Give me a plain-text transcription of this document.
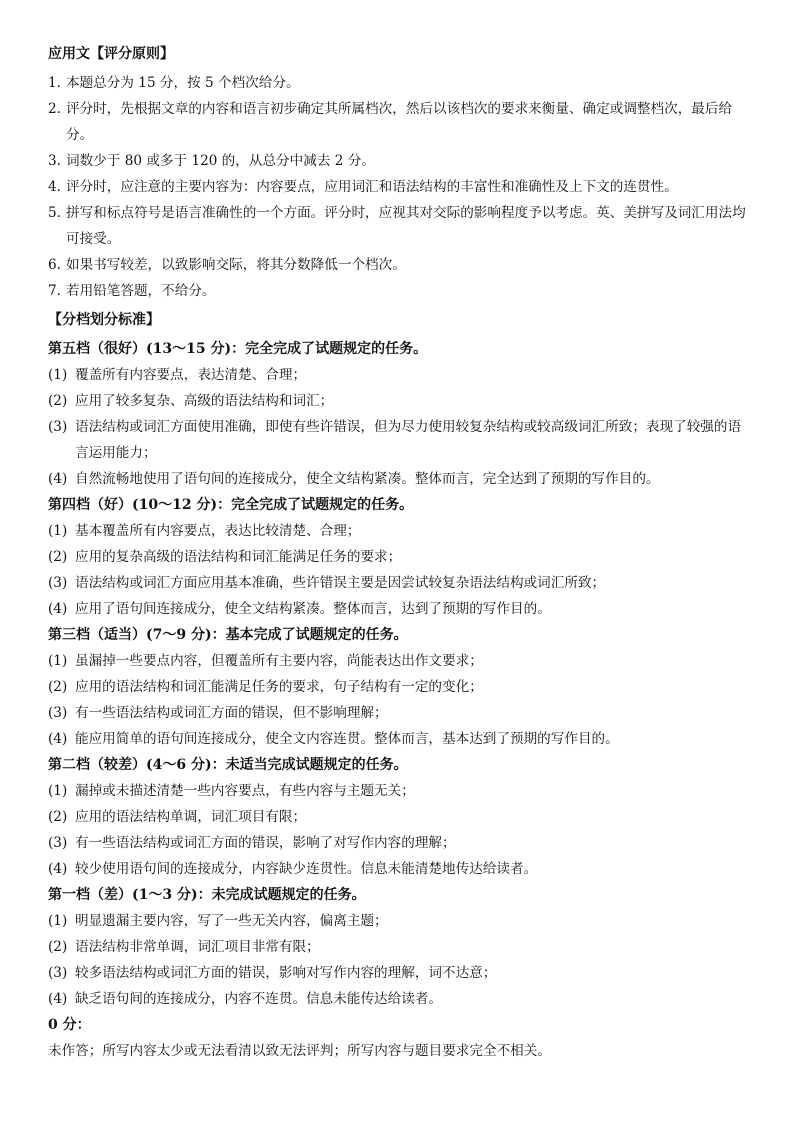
应用文【评分原则】
1. 本题总分为 15 分，按 5 个档次给分。
2. 评分时，先根据文章的内容和语言初步确定其所属档次，然后以该档次的要求来衡量、确定或调整档次，最后给分。
3. 词数少于 80 或多于 120 的，从总分中减去 2 分。
4. 评分时，应注意的主要内容为：内容要点，应用词汇和语法结构的丰富性和准确性及上下文的连贯性。
5. 拼写和标点符号是语言准确性的一个方面。评分时，应视其对交际的影响程度予以考虑。英、美拼写及词汇用法均可接受。
6. 如果书写较差，以致影响交际，将其分数降低一个档次。
7. 若用铅笔答题，不给分。
【分档划分标准】
第五档（很好）(13～15 分)：完全完成了试题规定的任务。
(1) 覆盖所有内容要点，表达清楚、合理；
(2) 应用了较多复杂、高级的语法结构和词汇；
(3) 语法结构或词汇方面使用准确，即使有些许错误，但为尽力使用较复杂结构或较高级词汇所致；表现了较强的语言运用能力；
(4) 自然流畅地使用了语句间的连接成分，使全文结构紧凑。整体而言，完全达到了预期的写作目的。
第四档（好）(10～12 分)：完全完成了试题规定的任务。
(1) 基本覆盖所有内容要点，表达比较清楚、合理；
(2) 应用的复杂高级的语法结构和词汇能满足任务的要求；
(3) 语法结构或词汇方面应用基本准确，些许错误主要是因尝试较复杂语法结构或词汇所致；
(4) 应用了语句间连接成分，使全文结构紧凑。整体而言，达到了预期的写作目的。
第三档（适当）(7～9 分)：基本完成了试题规定的任务。
(1) 虽漏掉一些要点内容，但覆盖所有主要内容，尚能表达出作文要求；
(2) 应用的语法结构和词汇能满足任务的要求，句子结构有一定的变化；
(3) 有一些语法结构或词汇方面的错误，但不影响理解；
(4) 能应用简单的语句间连接成分，使全文内容连贯。整体而言，基本达到了预期的写作目的。
第二档（较差）(4～6 分)：未适当完成试题规定的任务。
(1) 漏掉或未描述清楚一些内容要点，有些内容与主题无关；
(2) 应用的语法结构单调，词汇项目有限；
(3) 有一些语法结构或词汇方面的错误，影响了对写作内容的理解；
(4) 较少使用语句间的连接成分，内容缺少连贯性。信息未能清楚地传达给读者。
第一档（差）(1～3 分)：未完成试题规定的任务。
(1) 明显遗漏主要内容，写了一些无关内容，偏离主题；
(2) 语法结构非常单调，词汇项目非常有限；
(3) 较多语法结构或词汇方面的错误，影响对写作内容的理解，词不达意；
(4) 缺乏语句间的连接成分，内容不连贯。信息未能传达给读者。
0 分：
未作答；所写内容太少或无法看清以致无法评判；所写内容与题目要求完全不相关。
